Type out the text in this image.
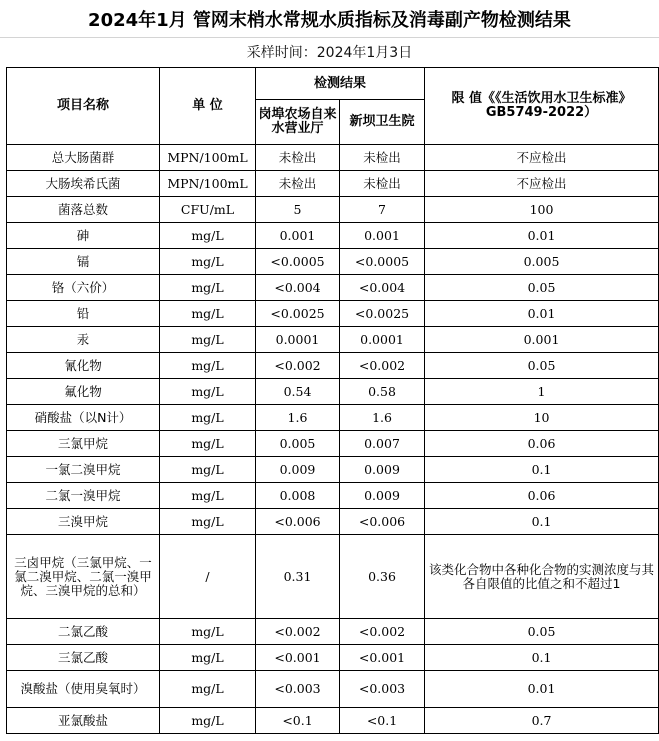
2024年1月 管网末梢水常规水质指标及消毒副产物检测结果
采样时间：2024年1月3日
项目名称	单 位	检测结果		限 值《《生活饮用水卫生标准》
GB5749-2022）

		岗埠农场自来水营业厅	新坝卫生院	
总大肠菌群	MPN/100mL	未检出	未检出	不应检出
大肠埃希氏菌	MPN/100mL	未检出	未检出	不应检出
菌落总数	CFU/mL	5	7	100
砷	mg/L	0.001	0.001	0.01
镉	mg/L	<0.0005	<0.0005	0.005
铬（六价）	mg/L	<0.004	<0.004	0.05
铅	mg/L	<0.0025	<0.0025	0.01
汞	mg/L	0.0001	0.0001	0.001
氰化物	mg/L	<0.002	<0.002	0.05
氟化物	mg/L	0.54	0.58	1
硝酸盐（以N计）	mg/L	1.6	1.6	10
三氯甲烷	mg/L	0.005	0.007	0.06
一氯二溴甲烷	mg/L	0.009	0.009	0.1
二氯一溴甲烷	mg/L	0.008	0.009	0.06
三溴甲烷	mg/L	<0.006	<0.006	0.1
三卤甲烷（三氯甲烷、一氯二溴甲烷、二氯一溴甲烷、三溴甲烷的总和）	/	0.31	0.36	该类化合物中各种化合物的实测浓度与其各自限值的比值之和不超过1
二氯乙酸	mg/L	<0.002	<0.002	0.05
三氯乙酸	mg/L	<0.001	<0.001	0.1
溴酸盐（使用臭氧时）	mg/L	<0.003	<0.003	0.01
亚氯酸盐	mg/L	<0.1	<0.1	0.7
